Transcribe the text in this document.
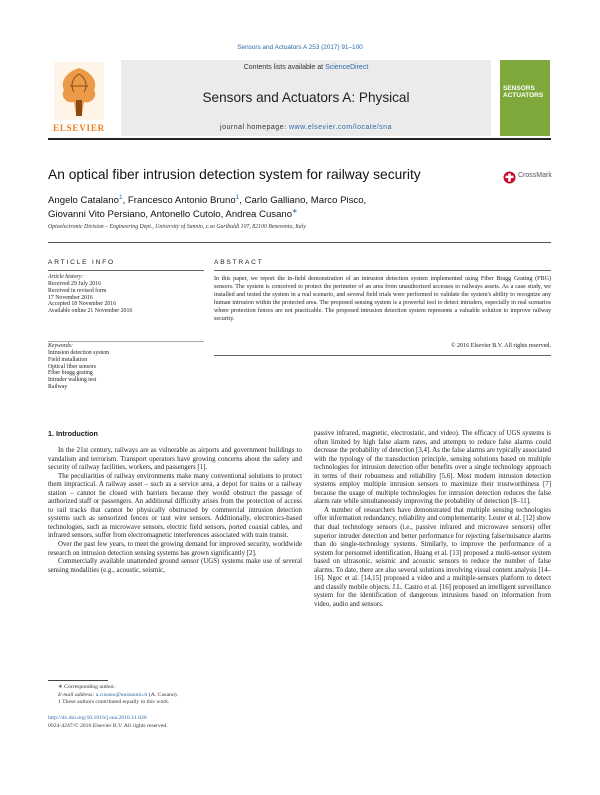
Sensors and Actuators A 253 (2017) 91–100
ELSEVIER
Contents lists available at ScienceDirect
Sensors and Actuators A: Physical
journal homepage: www.elsevier.com/locate/sna
SENSORS
ACTUATORS
An optical fiber intrusion detection system for railway security	CrossMark
Angelo Catalano$^1$, Francesco Antonio Bruno$^1$, Carlo Galliano, Marco Pisco,
Giovanni Vito Persiano, Antonello Cutolo, Andrea Cusano∗
Optoelectronic Division – Engineering Dept., University of Sannio, c.so Garibaldi 107, 82100 Benevento, Italy
ARTICLE INFO	ABSTRACT
Article history:
Received 29 July 2016
Received in revised form
17 November 2016
Accepted 18 November 2016
Available online 21 November 2016
Keywords:
Intrusion detection system
Field installation
Optical fiber sensors
Fiber bragg grating
Intruder walking test
Railway
In this paper, we report the in-field demonstration of an intrusion detection system implemented using Fiber Bragg Grating (FBG) sensors. The system is conceived to protect the perimeter of an area from unauthorized accesses to railways assets. As a case study, we installed and tested the system in a real scenario, and several field trials were performed to validate the system's ability to recognize any human intrusion within the protected area. The proposed sensing system is a powerful tool to detect intruders, especially in real scenarios where protection fences are not practicable. The proposed intrusion detection system represents a valuable solution to improve railway security.
© 2016 Elsevier B.V. All rights reserved.
1. Introduction

In the 21st century, railways are as vulnerable as airports and government buildings to vandalism and terrorism. Transport operators have growing concerns about the safety and security of railway facilities, workers, and passengers [1].

The peculiarities of railway environments make many conventional solutions to protect them impractical. A railway asset – such as a service area, a depot for trains or a railway station – cannot be closed with barriers because they would obstruct the passage of authorized staff or passengers. An additional difficulty arises from the protection of access to rail tracks that cannot be physically obstructed by commercial intrusion detection systems such as sensorized fences or taut wire sensors. Additionally, electronics-based technologies, such as microwave sensors, electric field sensors, ported coaxial cables, and infrared sensors, suffer from electromagnetic interferences associated with train transit.

Over the past few years, to meet the growing demand for improved security, worldwide research on intrusion detection sensing systems has grown significantly [2].

Commercially available unattended ground sensor (UGS) systems make use of several sensing modalities (e.g., acoustic, seismic,

passive infrared, magnetic, electrostatic, and video). The efficacy of UGS systems is often limited by high false alarm rates, and attempts to reduce false alarms could decrease the probability of detection [3,4]. As the false alarms are typically associated with the typology of the transduction principle, sensing solutions based on multiple technologies for intrusion detection offer benefits over a single technology approach in terms of their robustness and reliability [5,6]. Most modern intrusion detection systems employ multiple intrusion sensors to maximize their trustworthiness [7] because the usage of multiple technologies for intrusion detection reduces the false alarm rate while simultaneously improving the probability of detection [8–11].

A number of researchers have demonstrated that multiple sensing technologies offer information redundancy, reliability and complementarity. Lester et al. [12] show that dual technology sensors (i.e., passive infrared and microwave sensors) offer superior intruder detection and better performance for rejecting false/nuisance alarms than do single-technology systems. Similarly, to improve the performance of a system for personnel identification, Huang et al. [13] proposed a multi-sensor system based on ultrasonic, seismic and acoustic sensors to reduce the number of false alarms. To date, there are also several solutions involving visual content analysis [14–16]. Ngoc et al. [14,15] proposed a video and a multiple-sensors platform to detect and classify mobile objects. J.L. Castro et al. [16] proposed an intelligent surveillance system for the identification of dangerous intrusions based on information from video, audio and sensors.

∗ Corresponding author.
E-mail address: a.cusano@unisannio.it (A. Cusano).
1 These authors contributed equally to this work.
http://dx.doi.org/10.1016/j.sna.2016.11.026
0924-4247/© 2016 Elsevier B.V. All rights reserved.
